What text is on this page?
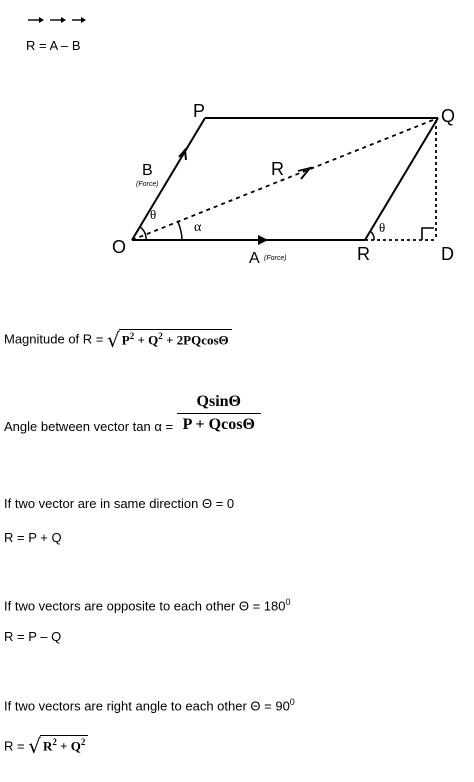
R = A – B
P	Q
O	R	D
B
(Force)
A (Force)
R
θ
α	θ
Magnitude of R = √ $P^2 + Q^2 + 2PQcos\Theta$
Angle between vector $\tan \alpha = \frac{Qsin\Theta}{P + Qcos\Theta}$
If two vector are in same direction Θ = 0
R = P + Q
If two vectors are opposite to each other $\Theta = 180^0$
R = P – Q
If two vectors are right angle to each other $\Theta = 90^0$
R = √ $R^2 + Q^2$
